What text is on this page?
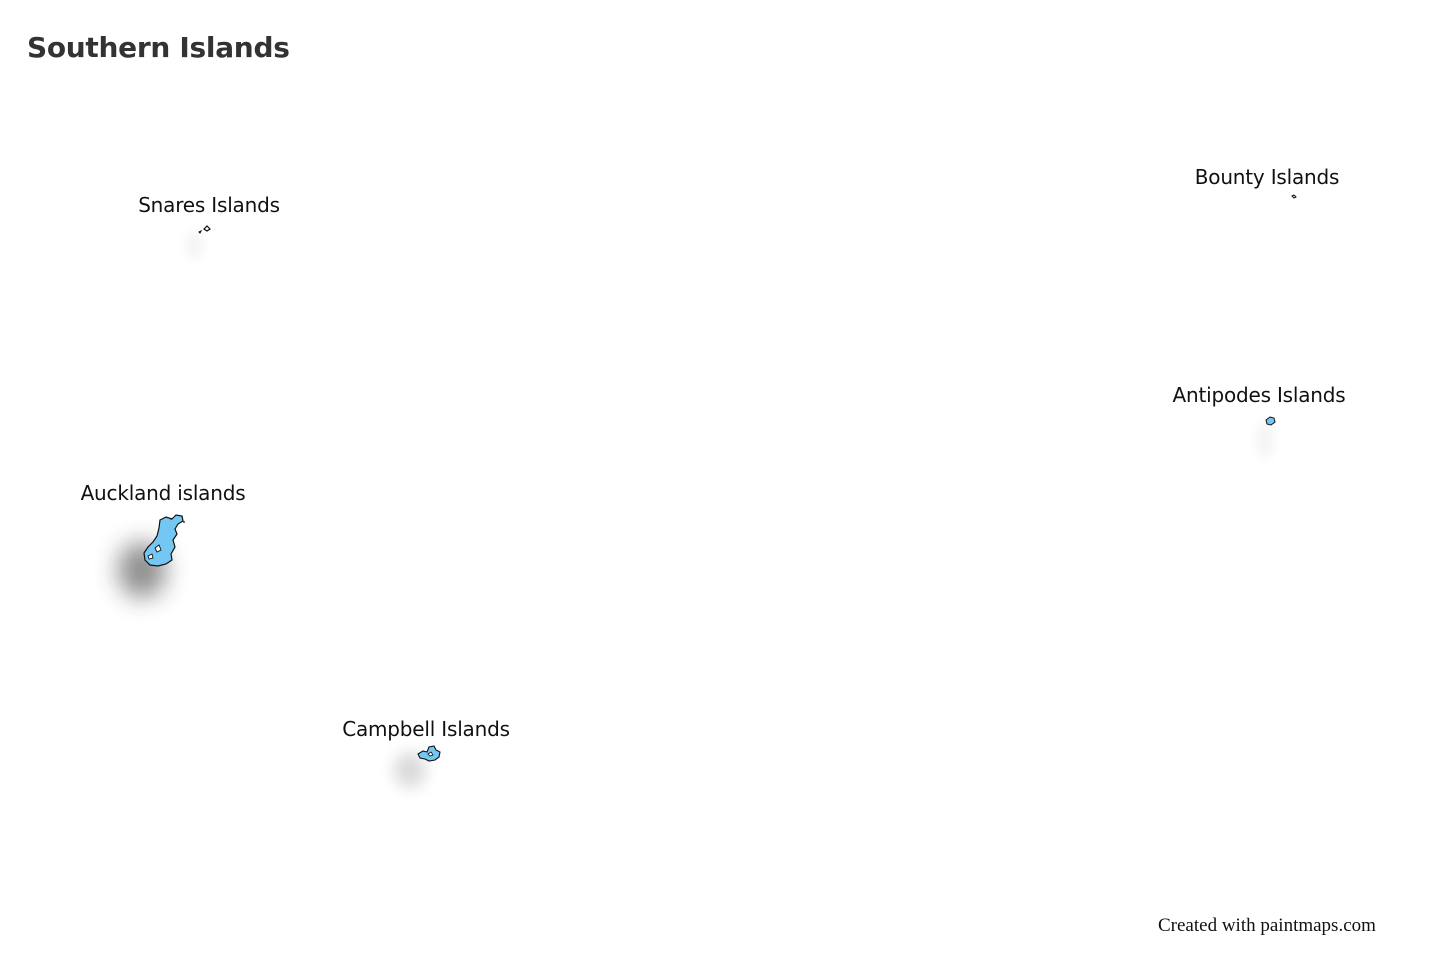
Southern Islands
Snares Islands
Bounty Islands
Antipodes Islands
Auckland islands
Campbell Islands
Created with paintmaps.com
